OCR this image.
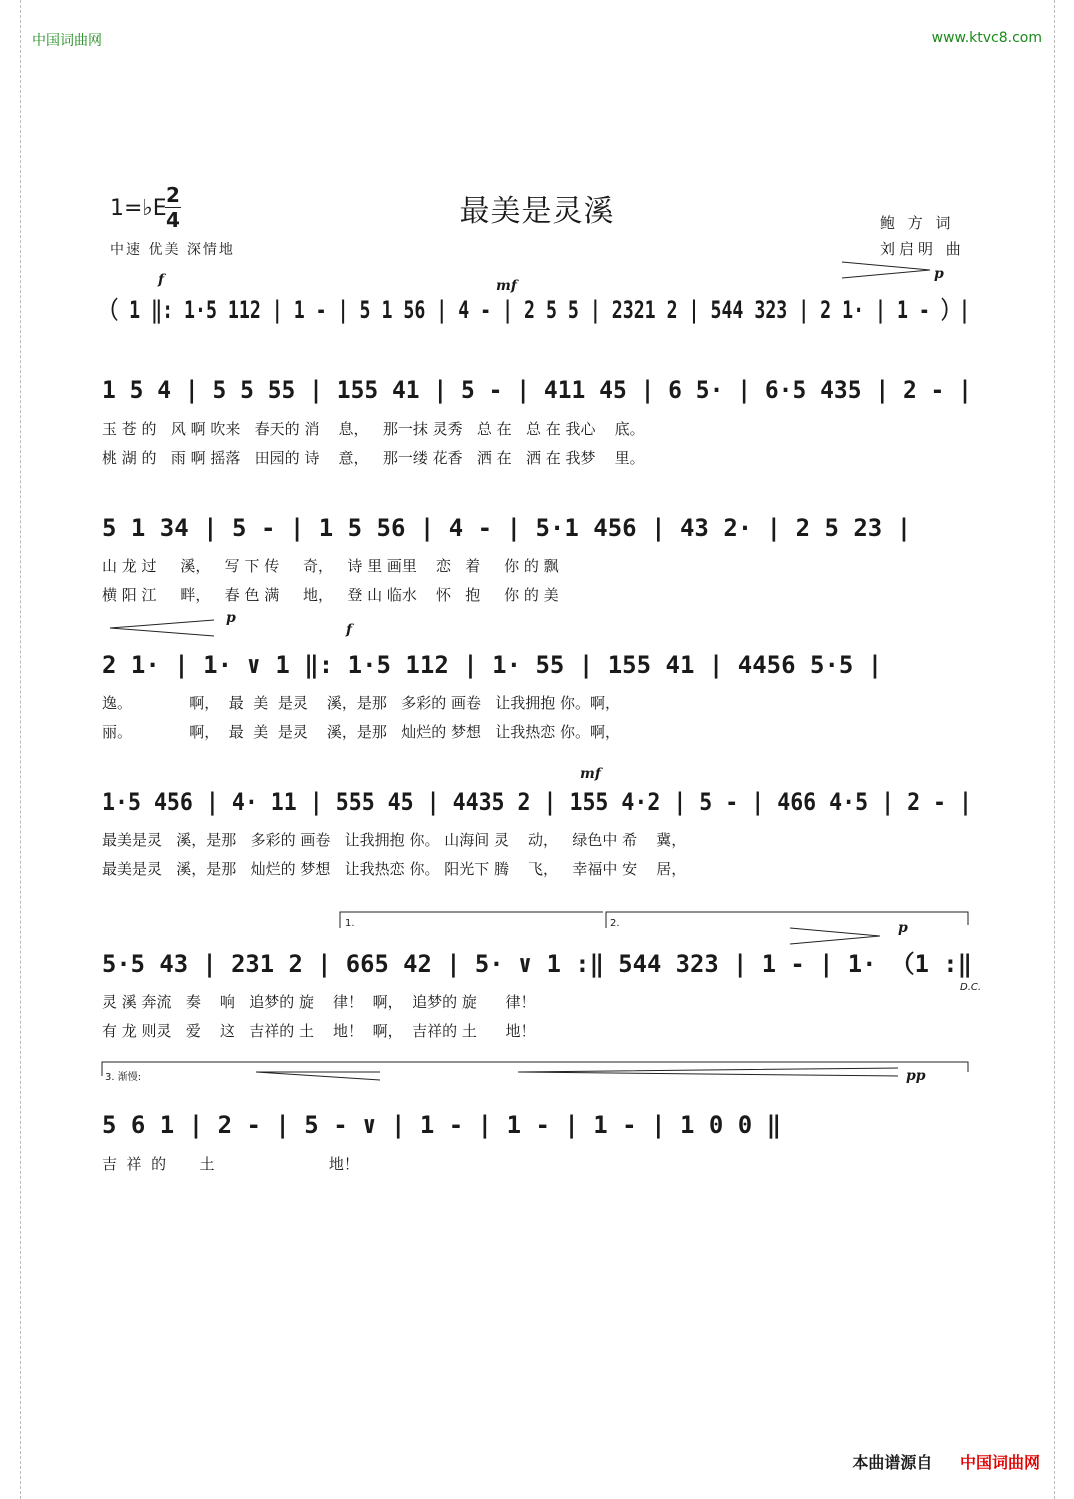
中国词曲网	www.ktvc8.com
1=♭E
2
4	最美是灵溪
中速 优美 深情地
鲍 方 词
刘启明 曲
f	mf
p
p
f
mf
p
pp
1.	2.
3. 渐慢:
D.C.
（ 1 ‖: 1·5 112 | 1 - | 5 1 56 | 4 - | 2 5 5 | 2321 2 | 544 323 | 2 1· | 1 - ）|
1 5 4 | 5 5 55 | 155 41 | 5 - | 411 45 | 6 5· | 6·5 435 | 2 - |
玉 苍 的   风 啊 吹来   春天的 消    息，   那一抹 灵秀   总 在   总 在 我心    底。
桃 湖 的   雨 啊 摇落   田园的 诗    意，   那一缕 花香   洒 在   洒 在 我梦    里。
5 1 34 | 5 - | 1 5 56 | 4 - | 5·1 456 | 43 2· | 2 5 23 |
山 龙 过     溪，   写 下 传     奇，   诗 里 画里    恋   着     你 的 飘
横 阳 江     畔，   春 色 满     地，   登 山 临水    怀   抱     你 的 美
2 1· | 1· ∨ 1 ‖: 1·5 112 | 1· 55 | 155 41 | 4456 5·5 |
逸。            啊，  最  美  是灵    溪，是那   多彩的 画卷   让我拥抱 你。啊，
丽。            啊，  最  美  是灵    溪，是那   灿烂的 梦想   让我热恋 你。啊，
1·5 456 | 4· 11 | 555 45 | 4435 2 | 155 4·2 | 5 - | 466 4·5 | 2 - |
最美是灵   溪，是那   多彩的 画卷   让我拥抱 你。 山海间 灵    动，   绿色中 希    冀，
最美是灵   溪，是那   灿烂的 梦想   让我热恋 你。 阳光下 腾    飞，   幸福中 安    居，
5·5 43 | 231 2 | 665 42 | 5· ∨ 1 :‖ 544 323 | 1 - | 1· （1 :‖
灵 溪 奔流   奏    响   追梦的 旋    律！  啊，  追梦的 旋      律！
有 龙 则灵   爱    这   吉祥的 土    地！  啊，  吉祥的 土      地！
5 6 1 | 2 - | 5 - ∨ | 1 - | 1 - | 1 - | 1 0 0 ‖
吉  祥  的       土                        地！
本曲谱源自 中国词曲网
